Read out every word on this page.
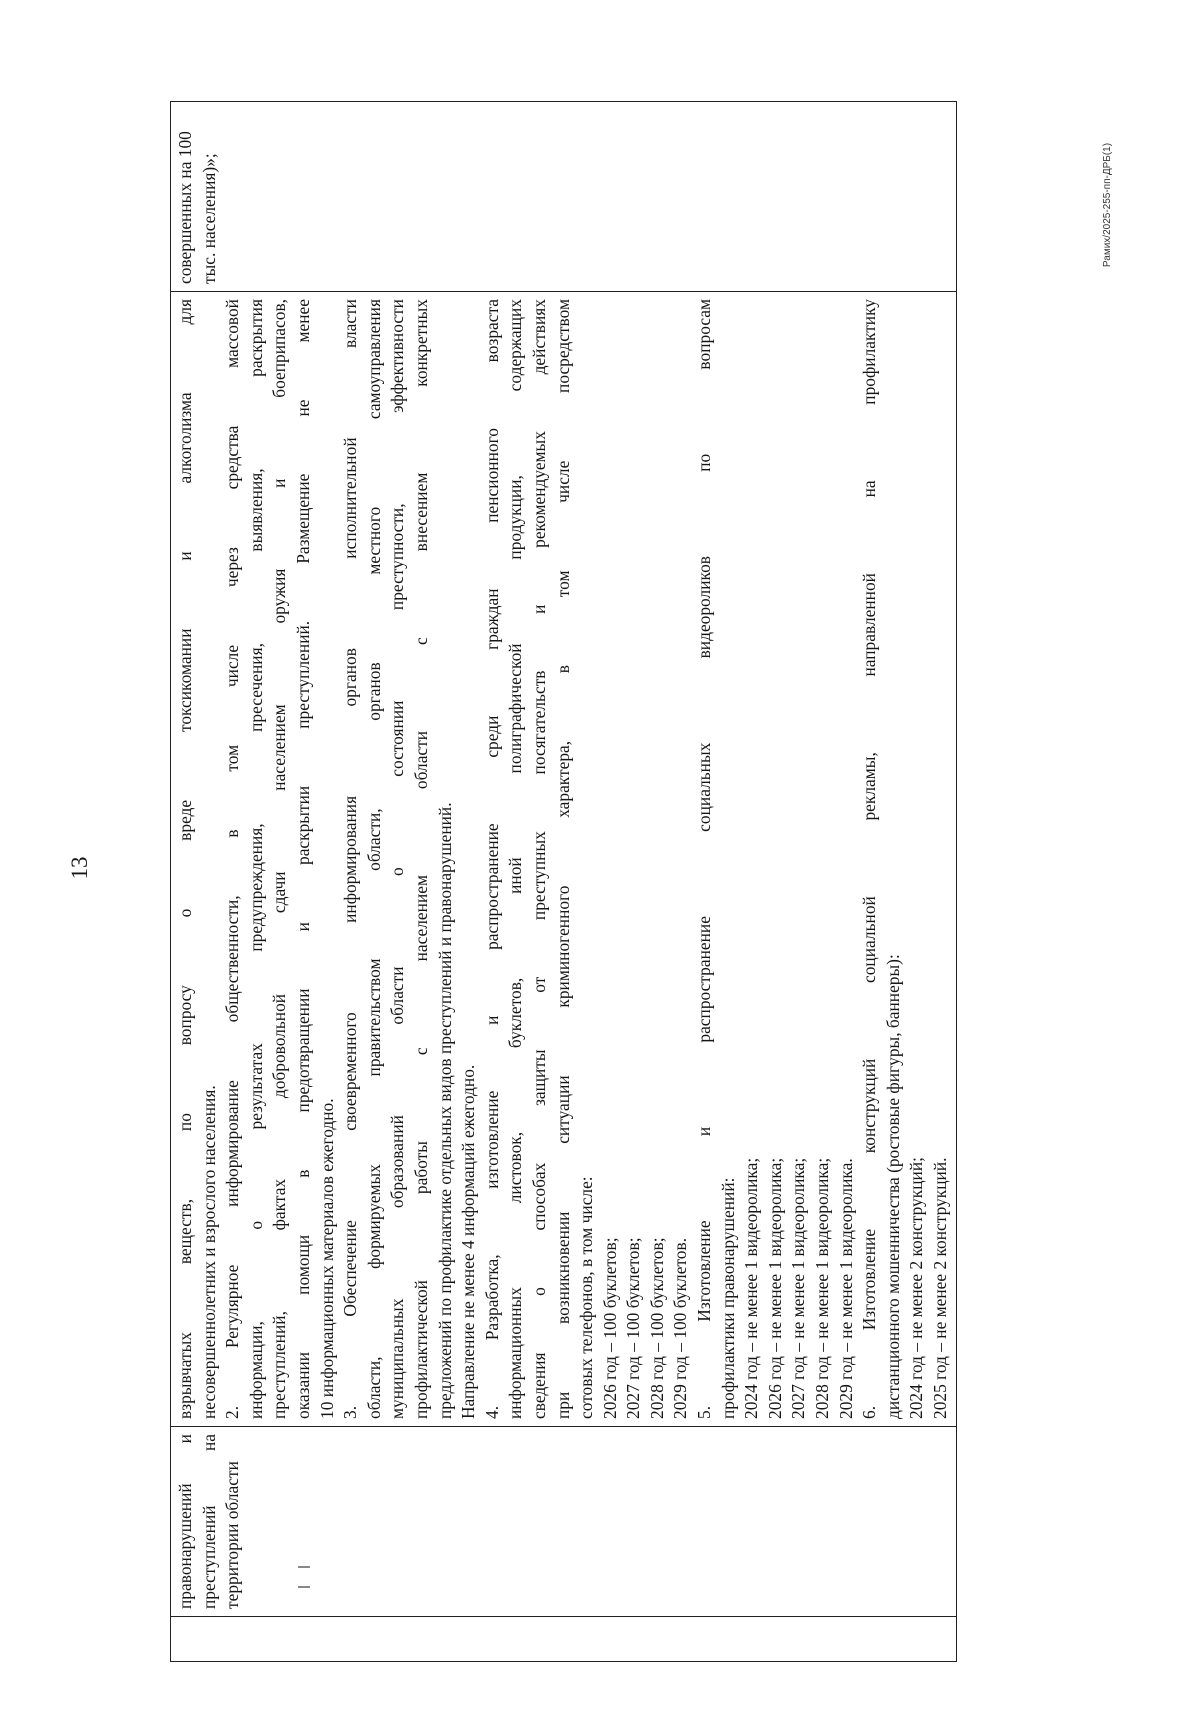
13
Рамих/2025-255-пп-ДРБ(1)

правонарушений и преступлений на территории области

взрывчатых веществ, по вопросу о вреде токсикомании и алкоголизма для несовершеннолетних и взрослого населения. 2. Регулярное информирование общественности, в том числе через средства массовой информации, о результатах предупреждения, пресечения, выявления, раскрытия преступлений, фактах добровольной сдачи населением оружия и боеприпасов, оказании помощи в предотвращении и раскрытии преступлений. Размещение не менее 10 информационных материалов ежегодно. 3. Обеспечение своевременного информирования органов исполнительной власти области, формируемых правительством области, органов местного самоуправления муниципальных образований области о состоянии преступности, эффективности профилактической работы с населением области с внесением конкретных предложений по профилактике отдельных видов преступлений и правонарушений. Направление не менее 4 информаций ежегодно. 4. Разработка, изготовление и распространение среди граждан пенсионного возраста информационных листовок, буклетов, иной полиграфической продукции, содержащих сведения о способах защиты от преступных посягательств и рекомендуемых действиях при возникновении ситуации криминогенного характера, в том числе посредством сотовых телефонов, в том числе: 2026 год – 100 буклетов; 2027 год – 100 буклетов; 2028 год – 100 буклетов; 2029 год – 100 буклетов. 5. Изготовление и распространение социальных видеороликов по вопросам профилактики правонарушений: 2024 год – не менее 1 видеоролика; 2026 год – не менее 1 видеоролика; 2027 год – не менее 1 видеоролика; 2028 год – не менее 1 видеоролика; 2029 год – не менее 1 видеоролика. 6. Изготовление конструкций социальной рекламы, направленной на профилактику дистанционного мошенничества (ростовые фигуры, баннеры): 2024 год – не менее 2 конструкций; 2025 год – не менее 2 конструкций.

совершенных на 100 тыс. населения)»;
